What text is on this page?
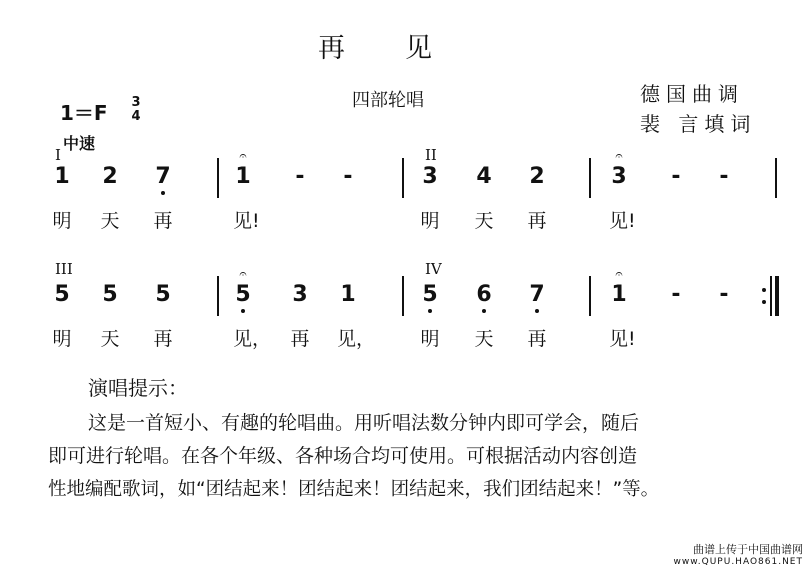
再　　见
四部轮唱	德国曲调
裴 言填词
1＝F 3
4
中速
I	II
1 2 7
𝄐
1 - -	3 4 2
𝄐
3 - -
明 天 再	见!	明 天 再	见!
III	IV
5 5 5
𝄐
5 3 1	5 6 7
𝄐
1 - -
明 天 再	见， 再 见， 明 天 再	见!
演唱提示：
这是一首短小、有趣的轮唱曲。用听唱法数分钟内即可学会，随后
即可进行轮唱。在各个年级、各种场合均可使用。可根据活动内容创造
性地编配歌词，如“团结起来！团结起来！团结起来，我们团结起来！”等。
曲谱上传于中国曲谱网
www.QUPU.HAO861.NET
